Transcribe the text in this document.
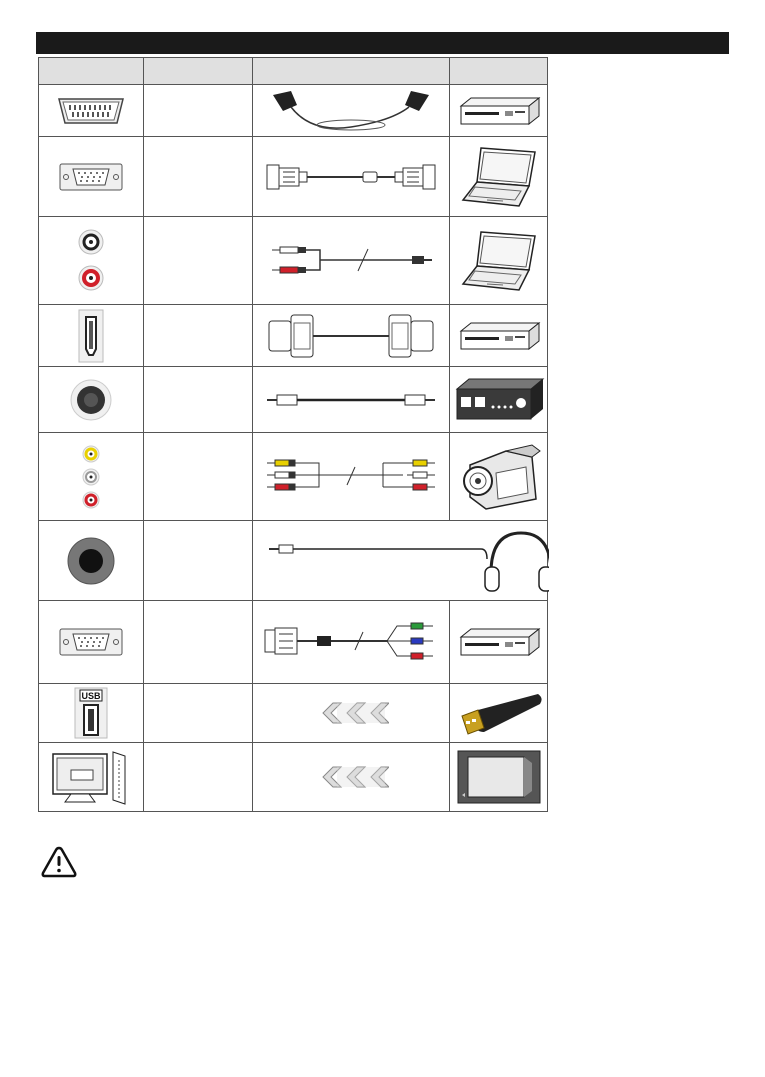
USB
